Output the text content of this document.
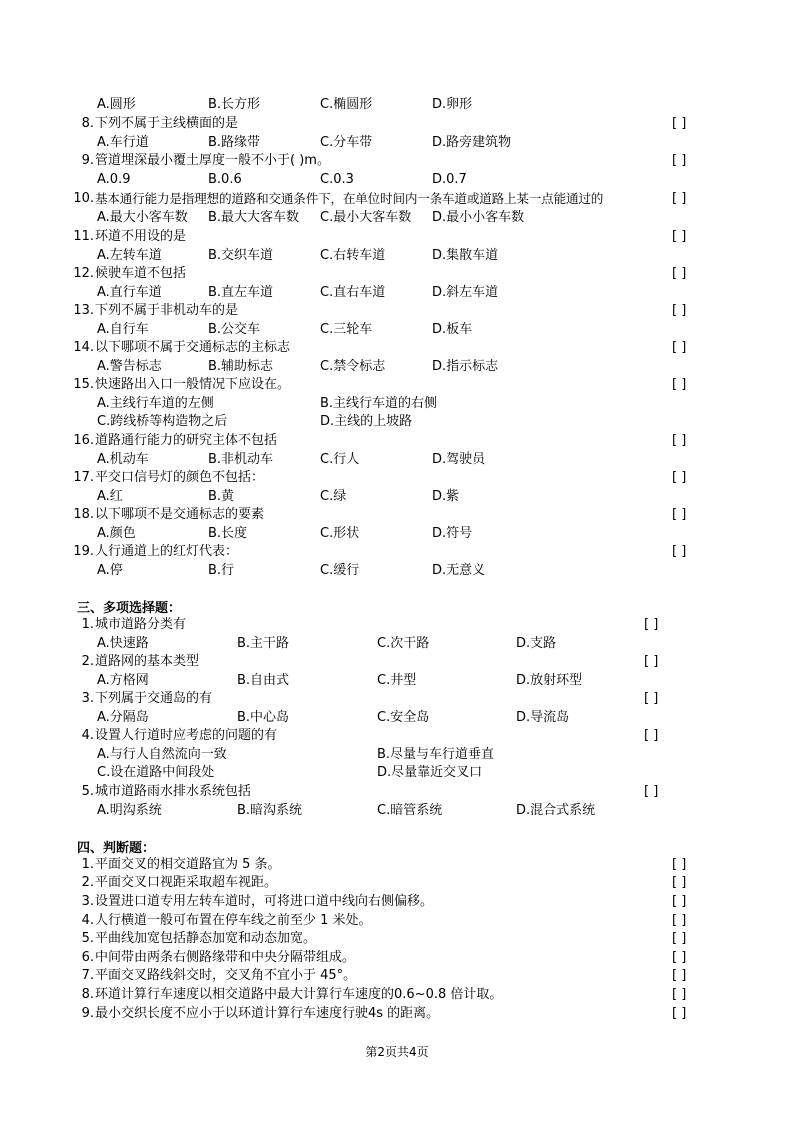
A.圆形	B.长方形	C.椭圆形	D.卵形
8. 下列不属于主线横面的是	[ ]
A.车行道	B.路缘带	C.分车带	D.路旁建筑物
9. 管道埋深最小覆土厚度一般不小于( )m。	[ ]
A.0.9	B.0.6	C.0.3	D.0.7
10. 基本通行能力是指理想的道路和交通条件下，在单位时间内一条车道或道路上某一点能通过的	[ ]
A.最大小客车数 B.最大大客车数 C.最小大客车数 D.最小小客车数
11. 环道不用设的是	[ ]
A.左转车道	B.交织车道	C.右转车道	D.集散车道
12. 候驶车道不包括	[ ]
A.直行车道	B.直左车道	C.直右车道	D.斜左车道
13. 下列不属于非机动车的是	[ ]
A.自行车	B.公交车	C.三轮车	D.板车
14. 以下哪项不属于交通标志的主标志	[ ]
A.警告标志	B.辅助标志	C.禁令标志	D.指示标志
15. 快速路出入口一般情况下应设在。	[ ]
A.主线行车道的左侧	B.主线行车道的右侧
C.跨线桥等构造物之后	D.主线的上坡路
16. 道路通行能力的研究主体不包括	[ ]
A.机动车	B.非机动车	C.行人	D.驾驶员
17. 平交口信号灯的颜色不包括：	[ ]
A.红	B.黄	C.绿	D.紫
18. 以下哪项不是交通标志的要素	[ ]
A.颜色	B.长度	C.形状	D.符号
19. 人行通道上的红灯代表：	[ ]
A.停	B.行	C.缓行	D.无意义
三、多项选择题：
1. 城市道路分类有	[ ]
A.快速路	B.主干路	C.次干路	D.支路
2. 道路网的基本类型	[ ]
A.方格网	B.自由式	C.井型	D.放射环型
3. 下列属于交通岛的有	[ ]
A.分隔岛	B.中心岛	C.安全岛	D.导流岛
4. 设置人行道时应考虑的问题的有	[ ]
A.与行人自然流向一致	B.尽量与车行道垂直
C.设在道路中间段处	D.尽量靠近交叉口
5. 城市道路雨水排水系统包括	[ ]
A.明沟系统	B.暗沟系统	C.暗管系统	D.混合式系统
四、判断题：
1. 平面交叉的相交道路宜为 5 条。	[ ]
2. 平面交叉口视距采取超车视距。	[ ]
3. 设置进口道专用左转车道时，可将进口道中线向右侧偏移。	[ ]
4. 人行横道一般可布置在停车线之前至少 1 米处。	[ ]
5. 平曲线加宽包括静态加宽和动态加宽。	[ ]
6. 中间带由两条右侧路缘带和中央分隔带组成。	[ ]
7. 平面交叉路线斜交时，交叉角不宜小于 45°。	[ ]
8. 环道计算行车速度以相交道路中最大计算行车速度的0.6~0.8 倍计取。	[ ]
9. 最小交织长度不应小于以环道计算行车速度行驶4s 的距离。	[ ]
第2页共4页
